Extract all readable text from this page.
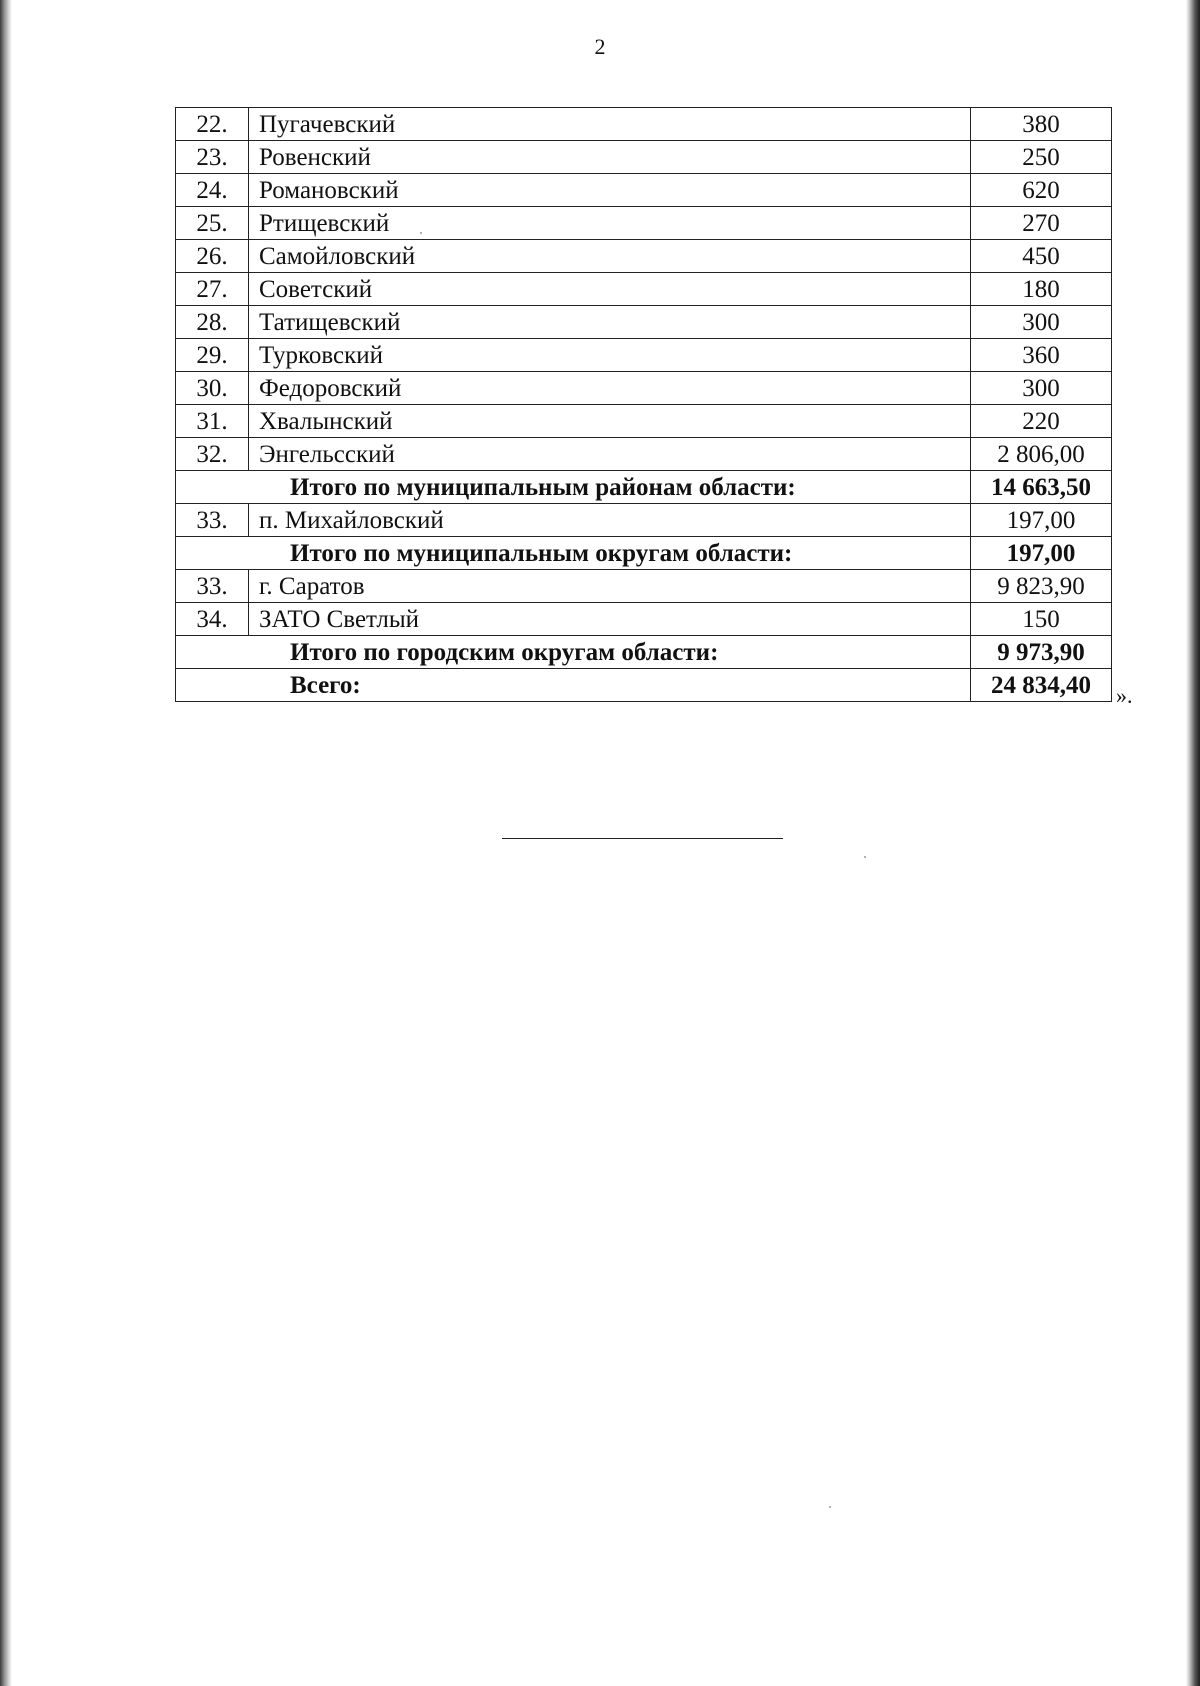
2
22.	Пугачевский	380
23.	Ровенский	250
24.	Романовский	620
25.	Ртищевский	270
26.	Самойловский	450
27.	Советский	180
28.	Татищевский	300
29.	Турковский	360
30.	Федоровский	300
31.	Хвалынский	220
32.	Энгельсский	2 806,00
Итого по муниципальным районам области:		14 663,50
33.	п. Михайловский	197,00
Итого по муниципальным округам области:		197,00
33.	г. Саратов	9 823,90
34.	ЗАТО Светлый	150
Итого по городским округам области:		9 973,90
Всего:		24 834,40 ».
